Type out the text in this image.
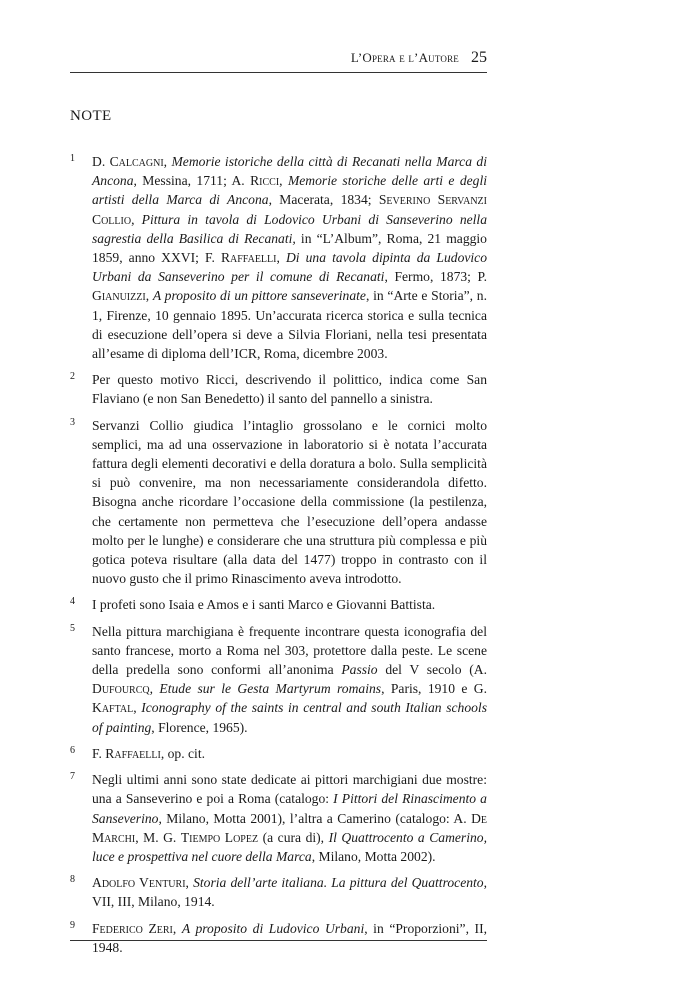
L’Opera e l’Autore 25
NOTE
1	D. Calcagni, Memorie istoriche della città di Recanati nella Marca di Ancona, Messina, 1711; A. Ricci, Memorie storiche delle arti e degli artisti della Marca di Ancona, Macerata, 1834; Severino Servanzi Collio, Pittura in tavola di Lodovico Urbani di Sanseverino nella sagrestia della Basilica di Recanati, in “L’Album”, Roma, 21 maggio 1859, anno XXVI; F. Raffaelli, Di una tavola dipinta da Ludovico Urbani da Sanseverino per il comune di Recanati, Fermo, 1873; P. Gianuizzi, A proposito di un pittore sanseverinate, in “Arte e Storia”, n. 1, Firenze, 10 gennaio 1895. Un’accurata ricerca storica e sulla tecnica di esecuzione dell’opera si deve a Silvia Floriani, nella tesi presentata all’esame di diploma dell’ICR, Roma, dicembre 2003.
2	Per questo motivo Ricci, descrivendo il polittico, indica come San Flaviano (e non San Benedetto) il santo del pannello a sinistra.
3	Servanzi Collio giudica l’intaglio grossolano e le cornici molto semplici, ma ad una osservazione in laboratorio si è notata l’accurata fattura degli elementi decorativi e della doratura a bolo. Sulla semplicità si può convenire, ma non necessariamente considerandola difetto. Bisogna anche ricordare l’occasione della commissione (la pestilenza, che certamente non permetteva che l’esecuzione dell’opera andasse molto per le lunghe) e considerare che una struttura più complessa e più gotica poteva risultare (alla data del 1477) troppo in contrasto con il nuovo gusto che il primo Rinascimento aveva introdotto.
4	I profeti sono Isaia e Amos e i santi Marco e Giovanni Battista.
5	Nella pittura marchigiana è frequente incontrare questa iconografia del santo francese, morto a Roma nel 303, protettore dalla peste. Le scene della predella sono conformi all’anonima Passio del V secolo (A. Dufourcq, Etude sur le Gesta Martyrum romains, Paris, 1910 e G. Kaftal, Iconography of the saints in central and south Italian schools of painting, Florence, 1965).
6	F. Raffaelli, op. cit.
7	Negli ultimi anni sono state dedicate ai pittori marchigiani due mostre: una a Sanseverino e poi a Roma (catalogo: I Pittori del Rinascimento a Sanseverino, Milano, Motta 2001), l’altra a Camerino (catalogo: A. De Marchi, M. G. Tiempo Lopez (a cura di), Il Quattrocento a Camerino, luce e prospettiva nel cuore della Marca, Milano, Motta 2002).
8	Adolfo Venturi, Storia dell’arte italiana. La pittura del Quattrocento, VII, III, Milano, 1914.
9	Federico Zeri, A proposito di Ludovico Urbani, in “Proporzioni”, II, 1948.
